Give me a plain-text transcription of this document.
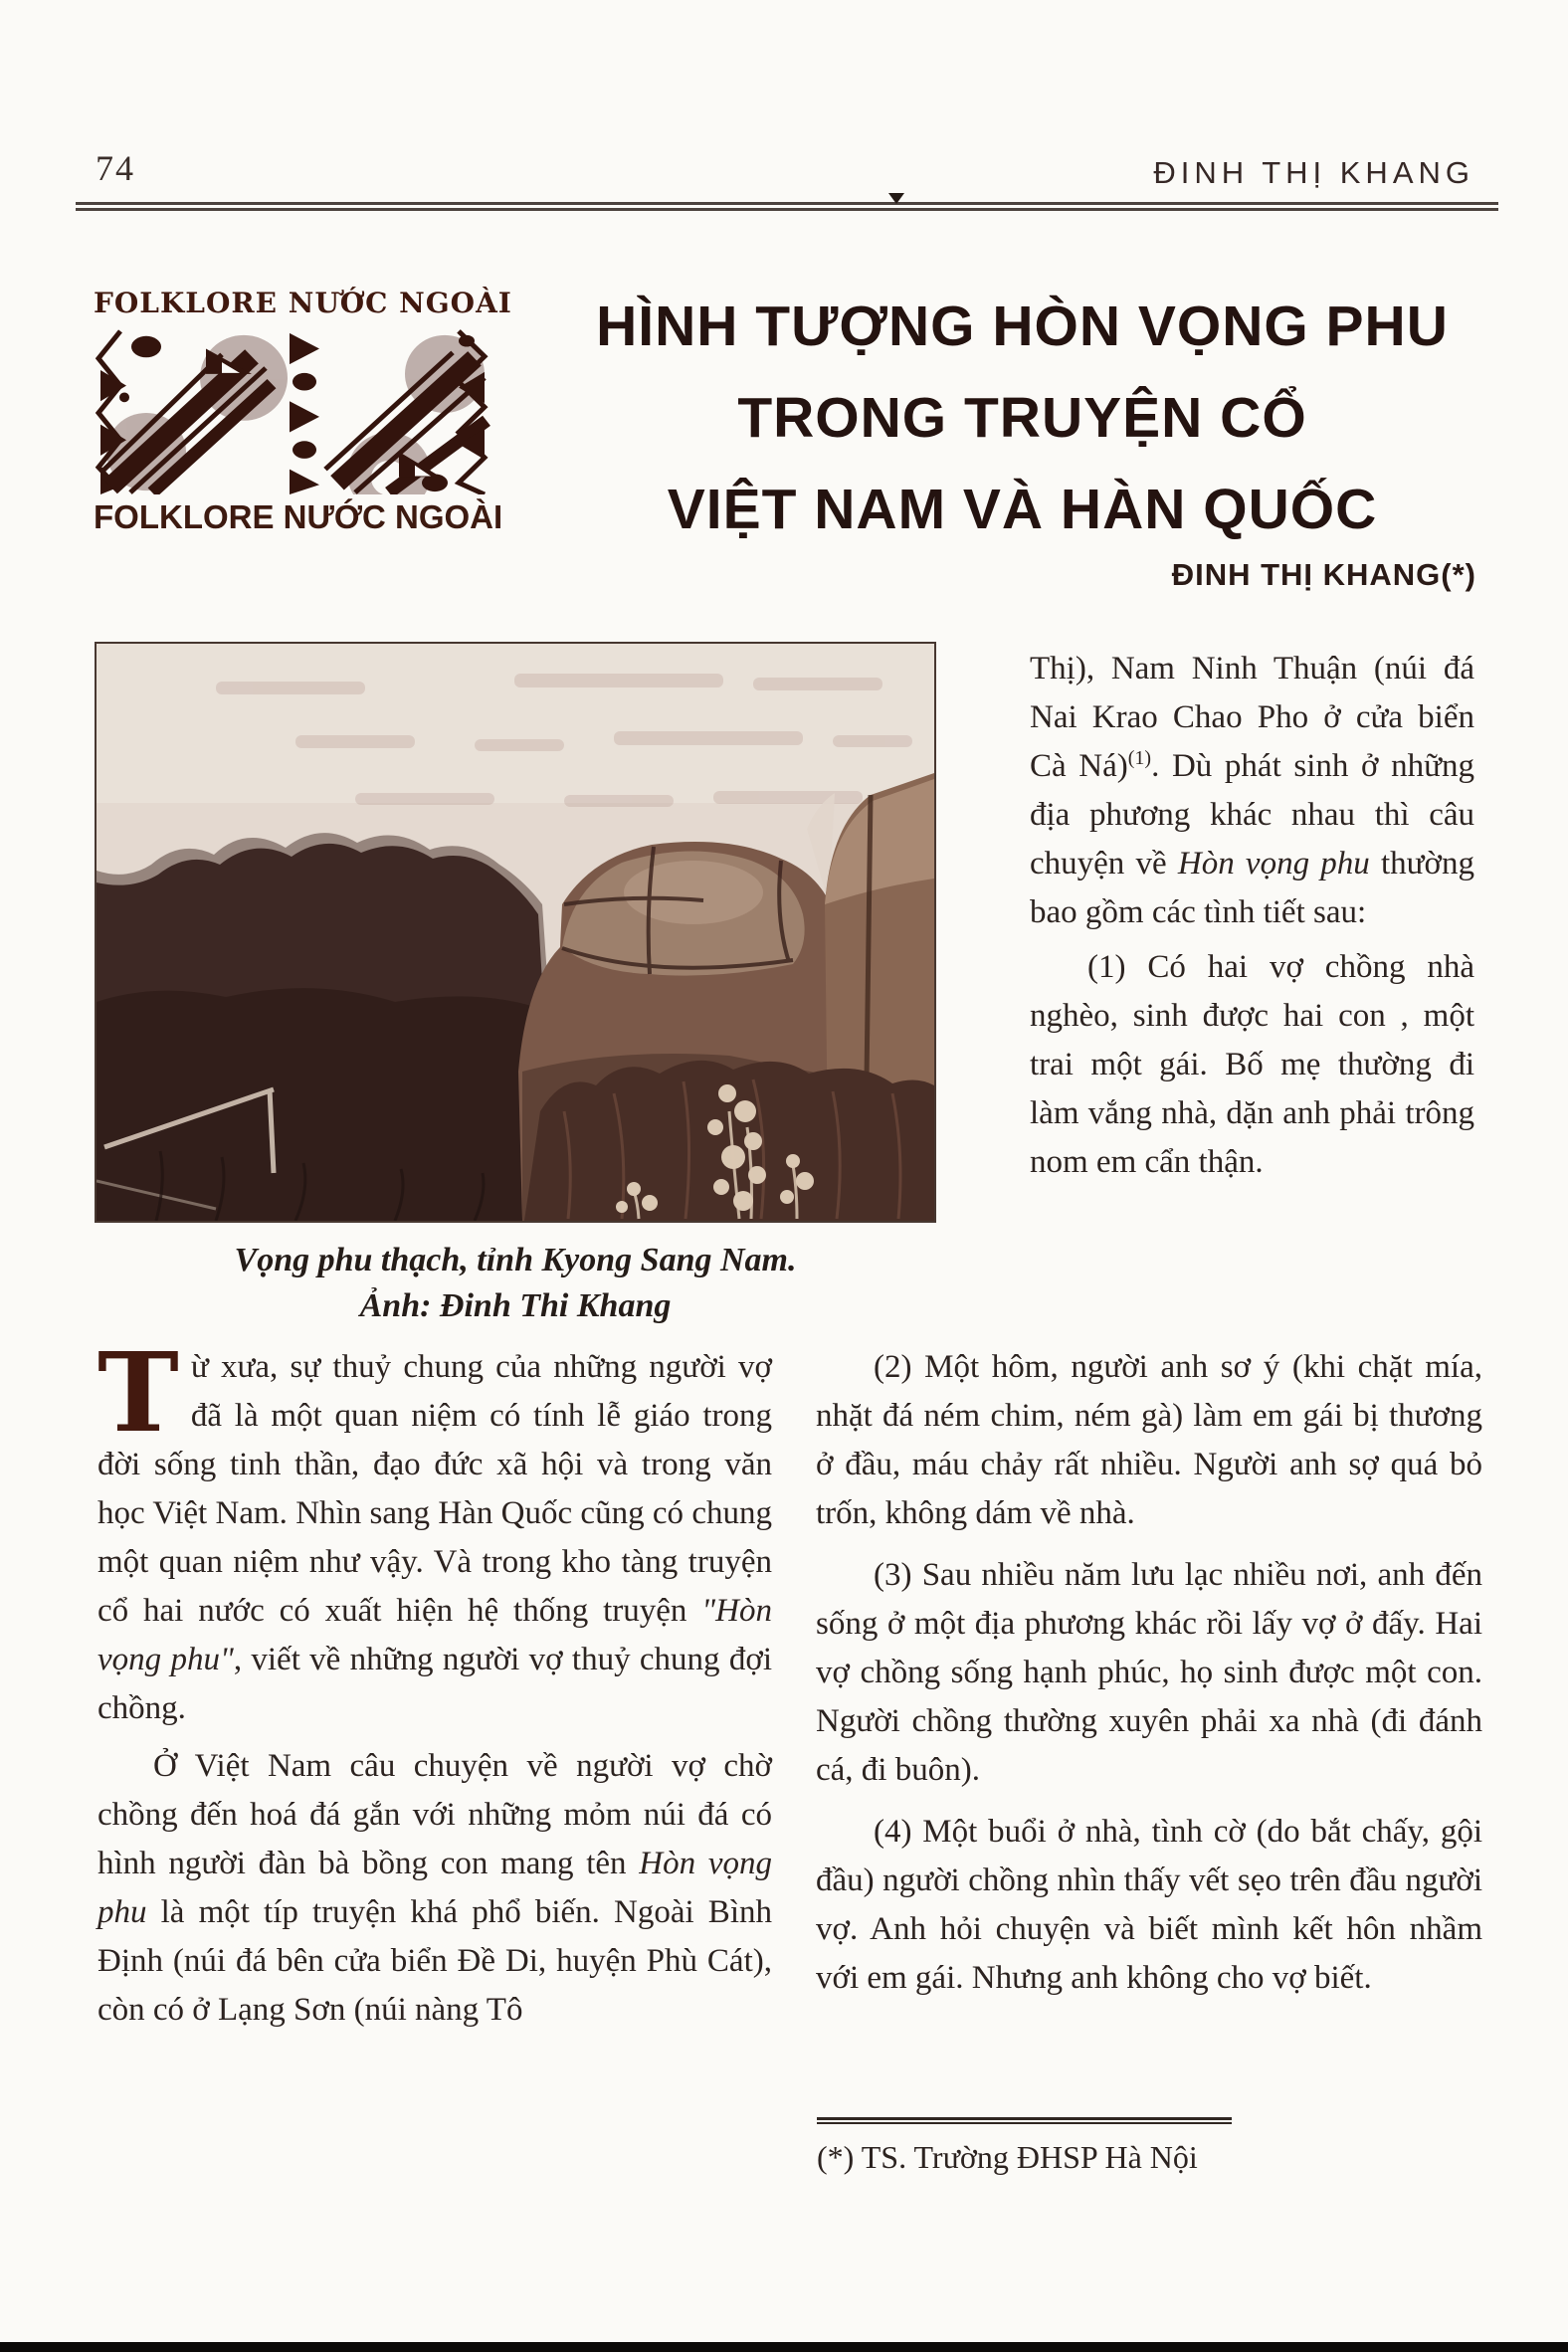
74	ĐINH THỊ KHANG
FOLKLORE NƯỚC NGOÀI
FOLKLORE NƯỚC NGOÀI
HÌNH TƯỢNG HÒN VỌNG PHU
TRONG TRUYỆN CỔ
VIỆT NAM VÀ HÀN QUỐC
ĐINH THỊ KHANG(*)
Vọng phu thạch, tỉnh Kyong Sang Nam.
Ảnh: Đinh Thi Khang

Thị), Nam Ninh Thuận (núi đá Nai Krao Chao Pho ở cửa biển Cà Ná)$^{(1)}$. Dù phát sinh ở những địa phương khác nhau thì câu chuyện về Hòn vọng phu thường bao gồm các tình tiết sau:

(1) Có hai vợ chồng nhà nghèo, sinh được hai con , một trai một gái. Bố mẹ thường đi làm vắng nhà, dặn anh phải trông nom em cẩn thận.

Từ xưa, sự thuỷ chung của những người vợ đã là một quan niệm có tính lễ giáo trong đời sống tinh thần, đạo đức xã hội và trong văn học Việt Nam. Nhìn sang Hàn Quốc cũng có chung một quan niệm như vậy. Và trong kho tàng truyện cổ hai nước có xuất hiện hệ thống truyện "Hòn vọng phu", viết về những người vợ thuỷ chung đợi chồng.

Ở Việt Nam câu chuyện về người vợ chờ chồng đến hoá đá gắn với những mỏm núi đá có hình người đàn bà bồng con mang tên Hòn vọng phu là một típ truyện khá phổ biến. Ngoài Bình Định (núi đá bên cửa biển Đề Di, huyện Phù Cát), còn có ở Lạng Sơn (núi nàng Tô

(2) Một hôm, người anh sơ ý (khi chặt mía, nhặt đá ném chim, ném gà) làm em gái bị thương ở đầu, máu chảy rất nhiều. Người anh sợ quá bỏ trốn, không dám về nhà.

(3) Sau nhiều năm lưu lạc nhiều nơi, anh đến sống ở một địa phương khác rồi lấy vợ ở đấy. Hai vợ chồng sống hạnh phúc, họ sinh được một con. Người chồng thường xuyên phải xa nhà (đi đánh cá, đi buôn).

(4) Một buổi ở nhà, tình cờ (do bắt chấy, gội đầu) người chồng nhìn thấy vết sẹo trên đầu người vợ. Anh hỏi chuyện và biết mình kết hôn nhầm với em gái. Nhưng anh không cho vợ biết.

(*) TS. Trường ĐHSP Hà Nội
